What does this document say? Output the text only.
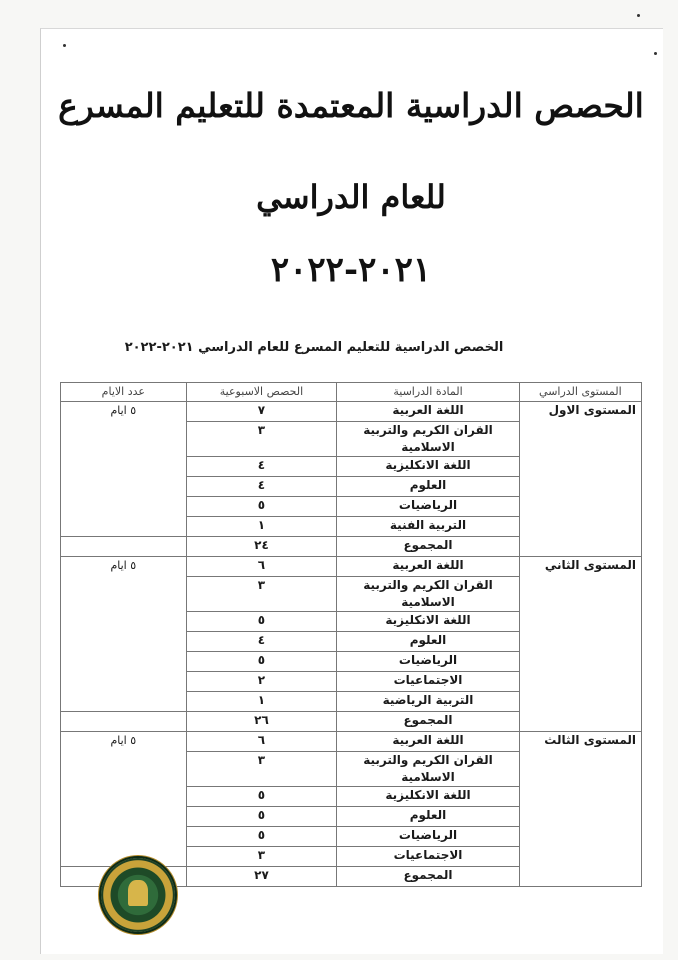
الحصص الدراسية المعتمدة للتعليم المسرع
للعام الدراسي
٢٠٢١-٢٠٢٢
الخصص الدراسية للتعليم المسرع للعام الدراسي ٢٠٢١-٢٠٢٢
المستوى الدراسي	المادة الدراسية	الحصص الاسبوعية	عدد الايام
المستوى الاول	اللغة العربية	٧	٥ ايام
	القران الكريم والتربية الاسلامية	٣	
	اللغة الانكليزية	٤	
	العلوم	٤	
	الرياضيات	٥	
	التربية الفنية	١	
	المجموع	٢٤	
المستوى الثاني	اللغة العربية	٦	٥ ايام
	القران الكريم والتربية الاسلامية	٣	
	اللغة الانكليزية	٥	
	العلوم	٤	
	الرياضيات	٥	
	الاجتماعيات	٢	
	التربية الرياضية	١	
	المجموع	٢٦	
المستوى الثالث	اللغة العربية	٦	٥ ايام
	القران الكريم والتربية الاسلامية	٣	
	اللغة الانكليزية	٥	
	العلوم	٥	
	الرياضيات	٥	
	الاجتماعيات	٣	
	المجموع	٢٧	
